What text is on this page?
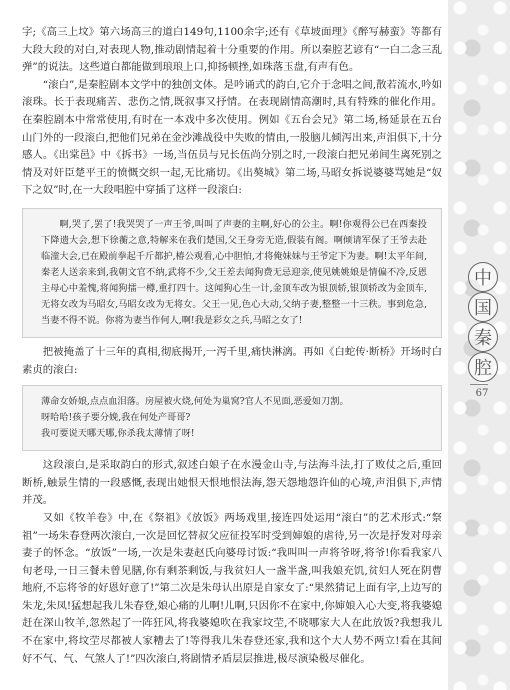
字;《高三上坟》第六场高三的道白149句,1100余字;还有《草坡面理》《醉写赫蛮》等都有大段大段的对白,对表现人物,推动剧情起着十分重要的作用。所以秦腔艺谚有“一白二念三乱弹”的说法。这些道白都能做到琅琅上口,抑扬顿挫,如珠落玉盘,有声有色。

“滚白”,是秦腔剧本文学中的独创文体。是吟诵式的韵白,它介于念唱之间,散若流水,吟如滚珠。长于表现痛苦、悲伤之情,既叙事又抒情。在表现剧情高潮时,具有特殊的催化作用。在秦腔剧本中常常使用,有时在一本戏中多次使用。例如《五台会兄》第二场,杨延景在五台山门外的一段滚白,把他们兄弟在金沙滩战役中失败的情由,一股脑儿倾泻出来,声泪俱下,十分感人。《出棠邑》中《拆书》一场,当伍员与兄长伍尚分别之时,一段滚白把兄弟间生离死别之情及对奸臣楚平王的愤慨交织一起,无比痛切。《出獒城》第二场,马昭女拆说婆婆骂她是“奴下之奴”时,在一大段唱腔中穿插了这样一段滚白:

啊,哭了,罢了!我哭哭了一声王爷,叫叫了声妻的主啊,好心的公主。啊!你观得公已在西秦投下降遗大会,想下徐蘅之意,特解来在我们楚国,父王身旁无造,假装有阁。啊倾请军保了王爷去赴临潼大会,已在殿前拳起千斤都护,椿公观看,心中胆怕,才将俺妹妹与王爷定下为妻。啊!太平年间,秦老人送亲来到,我朝文官不纳,武将不少,父王差去闻狗费无忌迎亲,使见姚姚娘是情偏不冷,反恩主母心中羞愧,将闻狗擂一樽,重打四十。这闻狗心生一计,金顶车改为银顶轿,银顶轿改为金顶车,无将女改为马昭女,马昭女改为无将女。父王一见,色心大动,父纳子妻,整整一十三秩。事到危急,当妻不得不说。你将为妻当作何人,啊!我是彩女之兵,马昭之女了!

把被掩盖了十三年的真相,彻底揭开,一泻千里,痛快淋漓。再如《白蛇传·断桥》开场时白素贞的滚白:

薄命女娇娘,点点血泪落。房屋被火烧,何处为巢窝?官人不见面,恶爱如刀割。

呀哈哈!孩子要分娩,我在何处产哥哥?

我可要说天哪天哪,你杀我太薄情了呀!

这段滚白,是采取韵白的形式,叙述白娘子在水漫金山寺,与法海斗法,打了败仗之后,重回断桥,触景生情的一段感慨,表现出她恨天恨地恨法海,怨天怨地怨许仙的心境,声泪俱下,声情并茂。

又如《牧羊卷》中,在《祭祖》《放饭》两场戏里,接连四处运用“滚白”的艺术形式:“祭祖”一场朱春登两次滚白,一次是回忆替叔父应征投军时受到婶娘的虐待,另一次是抒发对母亲妻子的怀念。“放饭”一场,一次是朱妻赵氏向婆母讨饭:“我叫叫一声将爷呀,将爷!你看我家八旬老母,一日三餐未曾见膳,你有剩茶剩饭,与我贫妇人一盏半盏,叫我娘充饥,贫妇人死在阴曹地府,不忘将爷的好恩好意了!”第二次是朱母认出原是自家女了:“果然猜记上面有字,上边写的朱龙,朱凤!猛想起我儿朱春登,娘心痛的儿啊!儿啊,只因你不在家中,你婶娘入心大变,将我婆媳赶在深山牧羊,忽然起了一阵狂风,将我婆媳吹在我家坟茔,不晓哪家大人在此放饭?我想我儿不在家中,将坟茔尽都被人家糟去了!等得我儿朱春登还家,我和这个大人势不两立!看在其间好不气、气、气煞人了!”四次滚白,将剧情矛盾层层推进,极尽演染极尽催化。

中
国
秦
腔
67
